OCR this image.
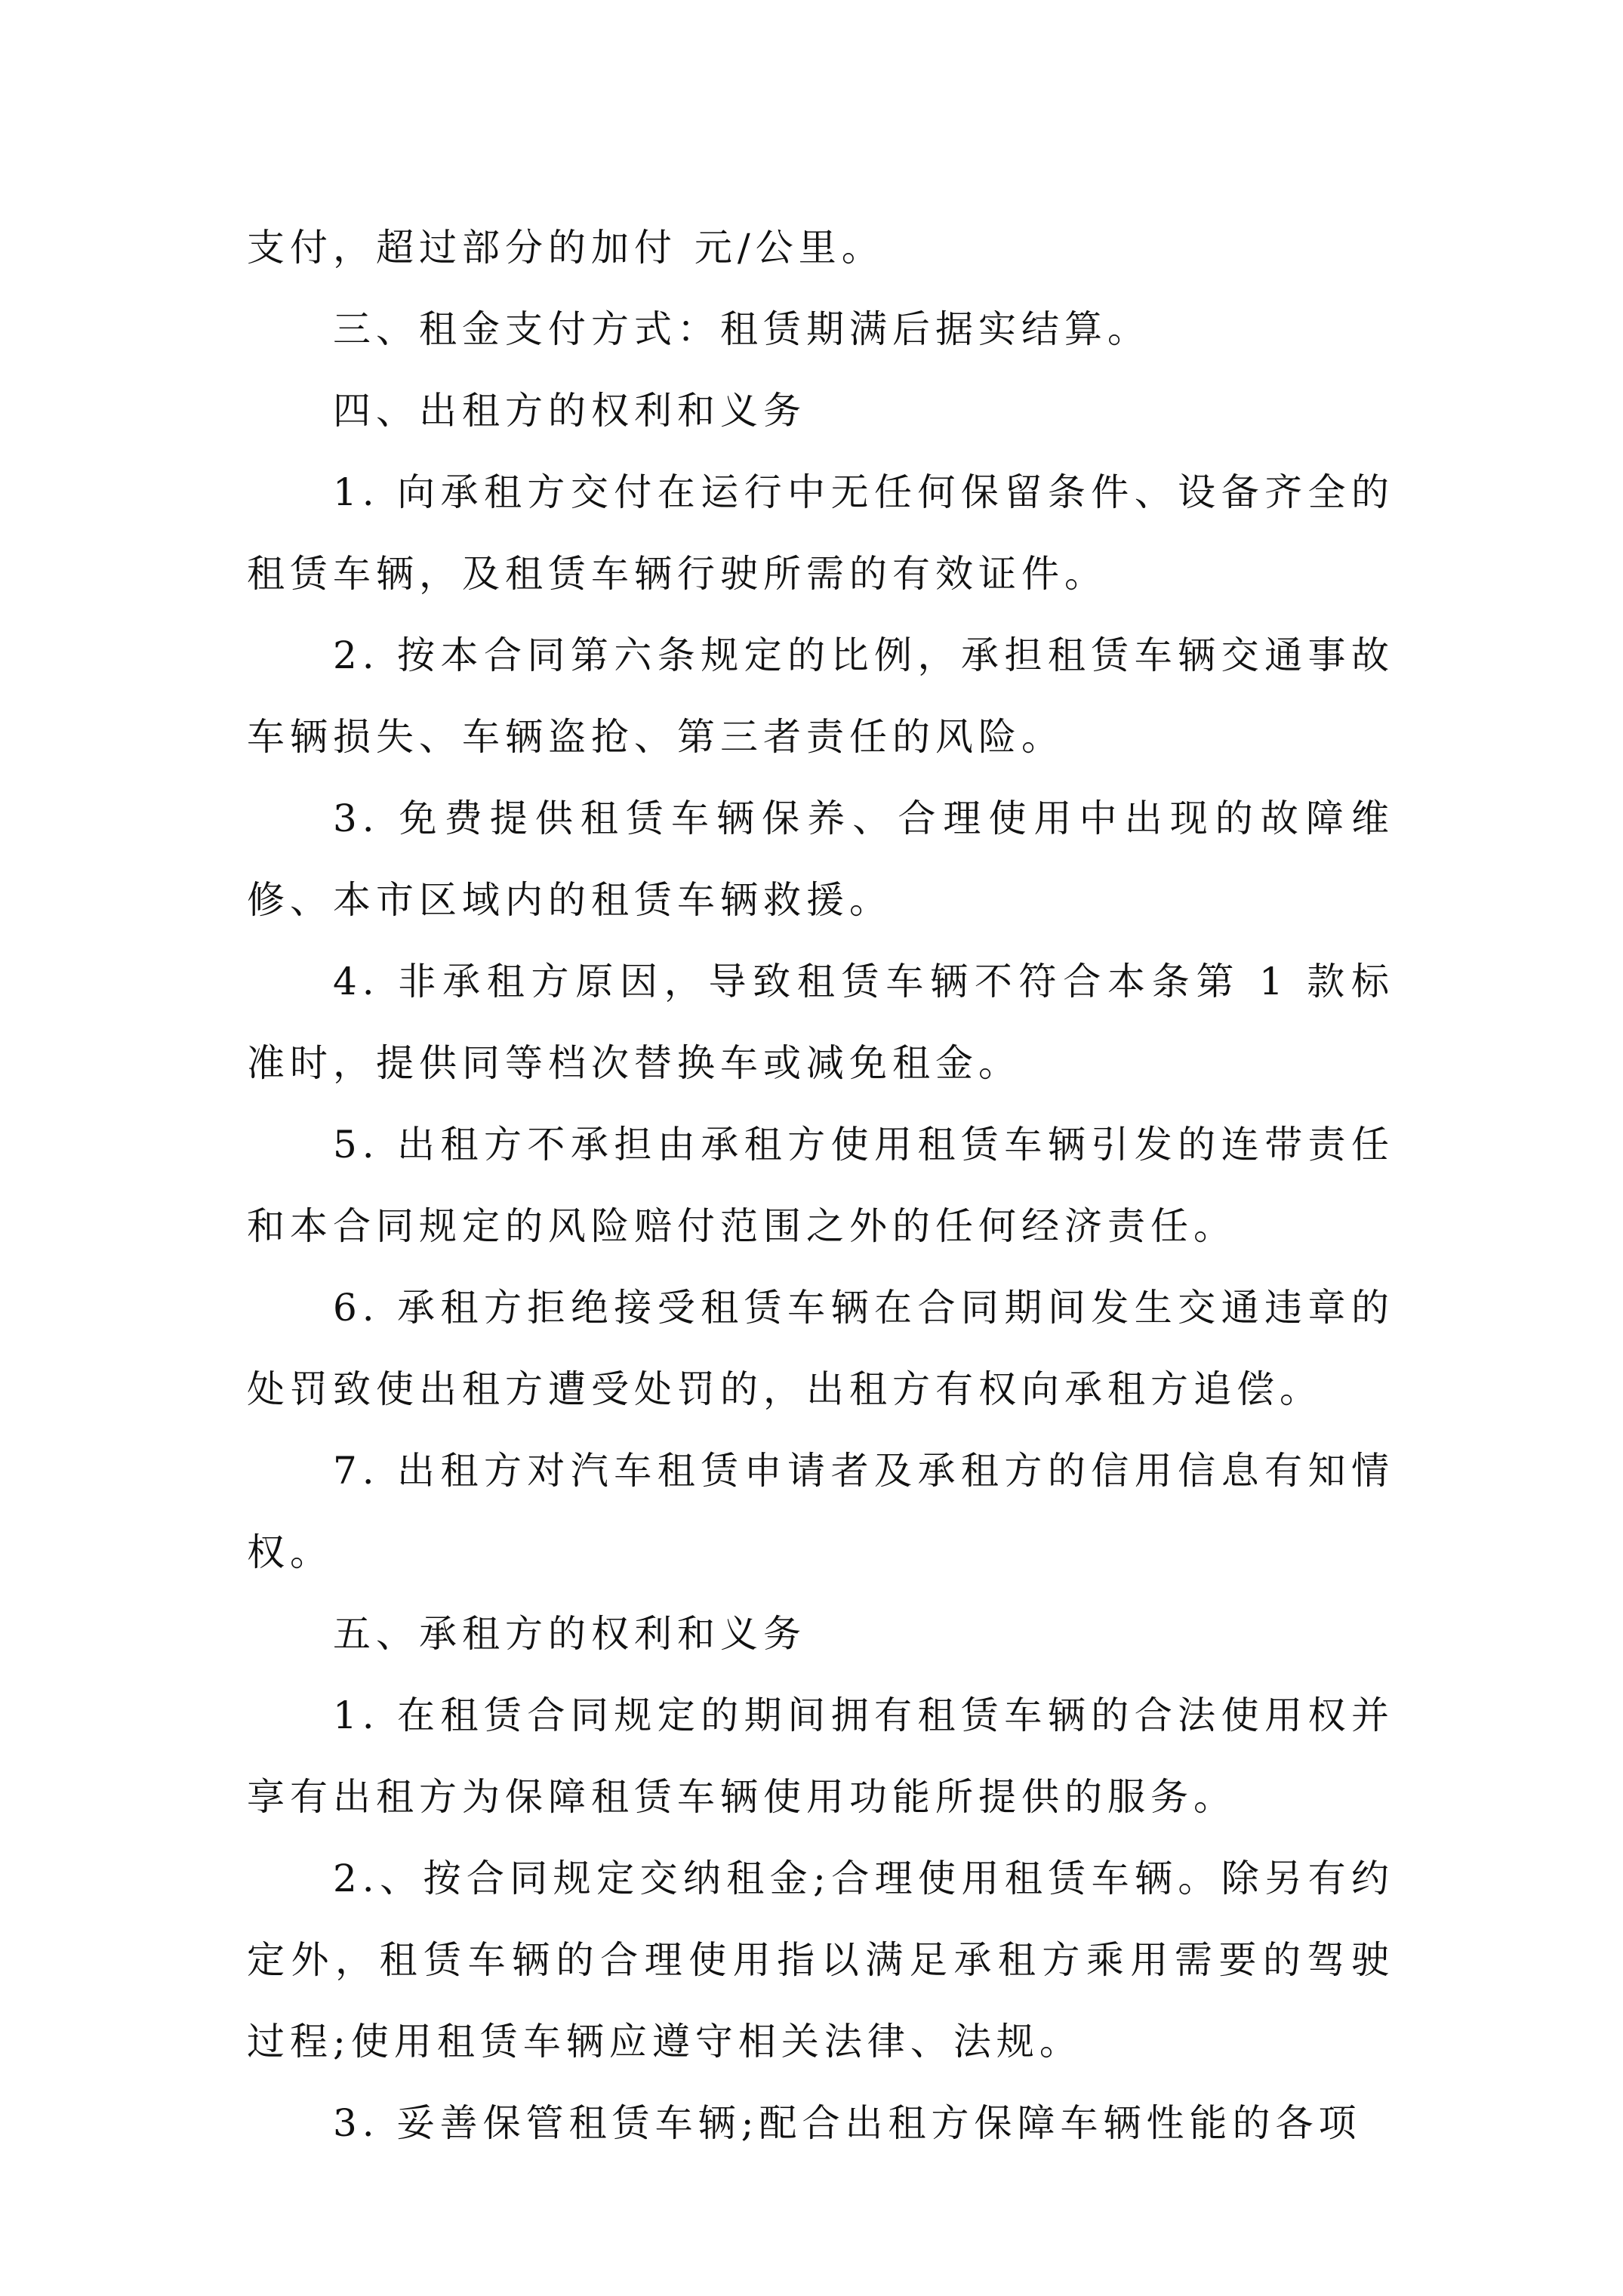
支付，超过部分的加付 元/公里。

三、租金支付方式：租赁期满后据实结算。

四、出租方的权利和义务

1. 向承租方交付在运行中无任何保留条件、设备齐全的租赁车辆，及租赁车辆行驶所需的有效证件。

2. 按本合同第六条规定的比例，承担租赁车辆交通事故车辆损失、车辆盗抢、第三者责任的风险。

3. 免费提供租赁车辆保养、合理使用中出现的故障维修、本市区域内的租赁车辆救援。

4. 非承租方原因，导致租赁车辆不符合本条第 1 款标准时，提供同等档次替换车或减免租金。

5. 出租方不承担由承租方使用租赁车辆引发的连带责任和本合同规定的风险赔付范围之外的任何经济责任。

6. 承租方拒绝接受租赁车辆在合同期间发生交通违章的处罚致使出租方遭受处罚的，出租方有权向承租方追偿。

7. 出租方对汽车租赁申请者及承租方的信用信息有知情权。

五、承租方的权利和义务

1. 在租赁合同规定的期间拥有租赁车辆的合法使用权并享有出租方为保障租赁车辆使用功能所提供的服务。

2.、按合同规定交纳租金;合理使用租赁车辆。除另有约定外，租赁车辆的合理使用指以满足承租方乘用需要的驾驶过程;使用租赁车辆应遵守相关法律、法规。

3. 妥善保管租赁车辆;配合出租方保障车辆性能的各项
